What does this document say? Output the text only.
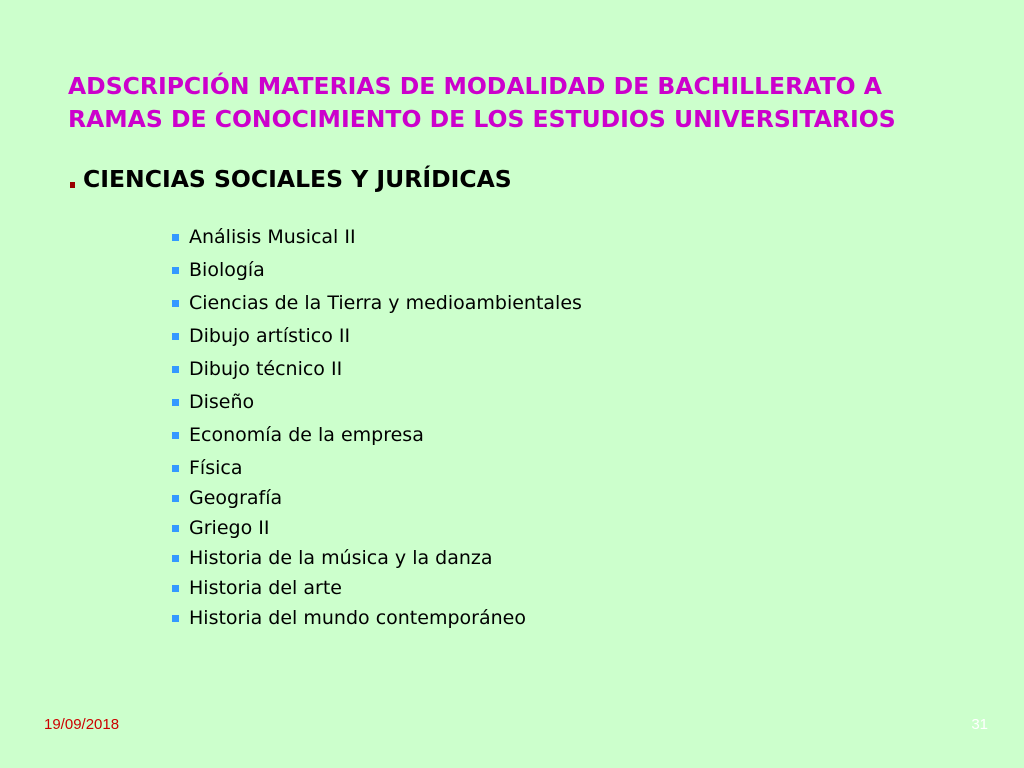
ADSCRIPCIÓN MATERIAS DE MODALIDAD DE BACHILLERATO A
RAMAS DE CONOCIMIENTO DE LOS ESTUDIOS UNIVERSITARIOS
CIENCIAS SOCIALES Y JURÍDICAS
Análisis Musical II
Biología
Ciencias de la Tierra y medioambientales
Dibujo artístico II
Dibujo técnico II
Diseño
Economía de la empresa
Física
Geografía
Griego II
Historia de la música y la danza
Historia del arte
Historia del mundo contemporáneo
19/09/2018	31
